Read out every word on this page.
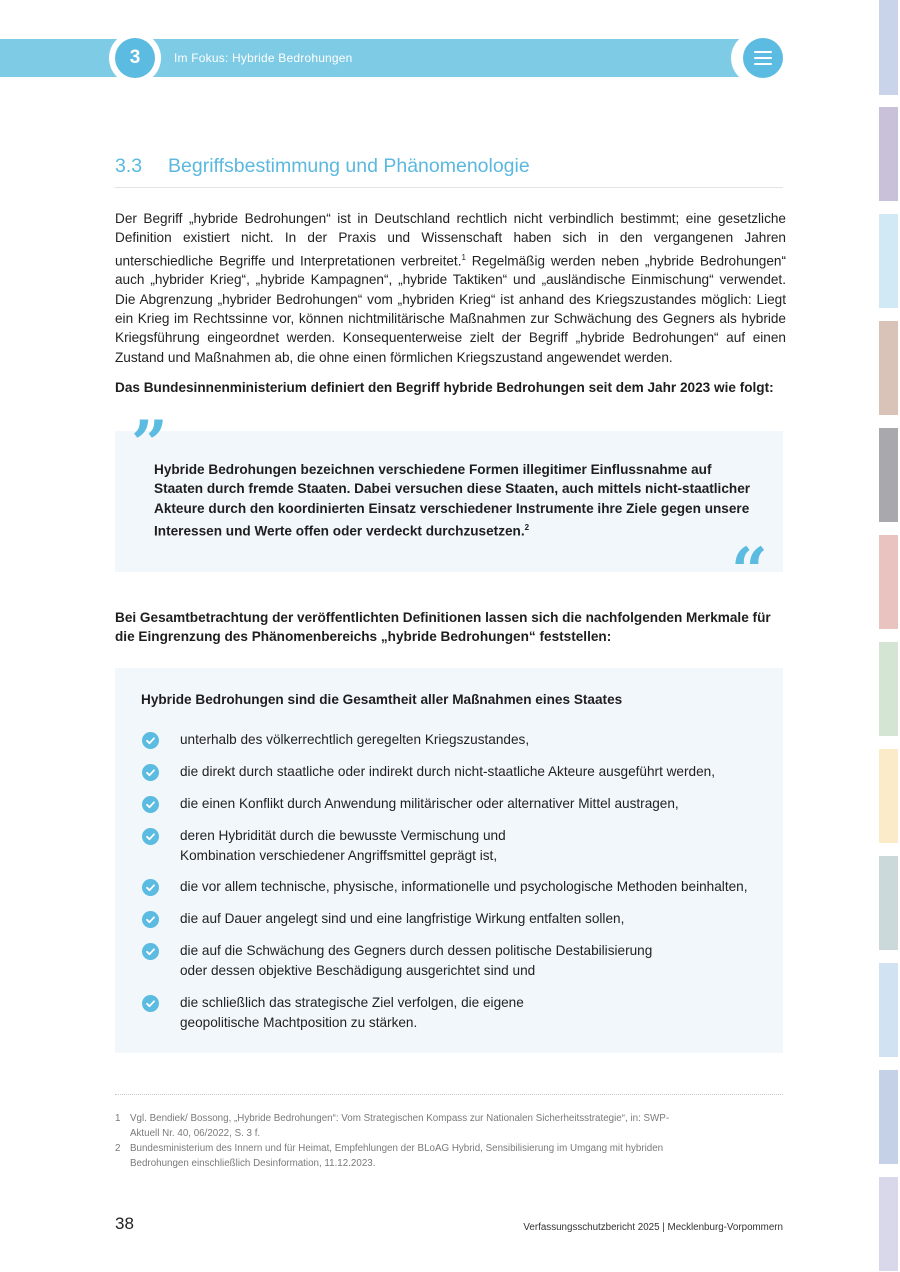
3	Im Fokus: Hybride Bedrohungen
3.3 Begriffsbestimmung und Phänomenologie
Der Begriff „hybride Bedrohungen“ ist in Deutschland rechtlich nicht verbindlich bestimmt; eine gesetzliche Definition existiert nicht. In der Praxis und Wissenschaft haben sich in den vergangenen Jahren unterschiedliche Begriffe und Interpretationen verbreitet.$^1$ Regelmäßig werden neben „hybride Bedrohungen“ auch „hybrider Krieg“, „hybride Kampagnen“, „hybride Taktiken“ und „ausländische Einmischung“ verwendet. Die Abgrenzung „hybrider Bedrohungen“ vom „hybriden Krieg“ ist anhand des Kriegszustandes möglich: Liegt ein Krieg im Rechtssinne vor, können nichtmilitärische Maßnahmen zur Schwächung des Gegners als hybride Kriegsführung eingeordnet werden. Konsequenterweise zielt der Begriff „hybride Bedrohungen“ auf einen Zustand und Maßnahmen ab, die ohne einen förmlichen Kriegszustand angewendet werden.
Das Bundesinnenministerium definiert den Begriff hybride Bedrohungen seit dem Jahr 2023 wie folgt:
”
Hybride Bedrohungen bezeichnen verschiedene Formen illegitimer Einflussnahme auf Staaten durch fremde Staaten. Dabei versuchen diese Staaten, auch mittels nicht-staatlicher Akteure durch den koordinierten Einsatz verschiedener Instrumente ihre Ziele gegen unsere Interessen und Werte offen oder verdeckt durchzusetzen.$^2$
“
Bei Gesamtbetrachtung der veröffentlichten Definitionen lassen sich die nachfolgenden Merkmale für die Eingrenzung des Phänomenbereichs „hybride Bedrohungen“ feststellen:
Hybride Bedrohungen sind die Gesamtheit aller Maßnahmen eines Staates
unterhalb des völkerrechtlich geregelten Kriegszustandes,
die direkt durch staatliche oder indirekt durch nicht-staatliche Akteure ausgeführt werden,
die einen Konflikt durch Anwendung militärischer oder alternativer Mittel austragen,
deren Hybridität durch die bewusste Vermischung und
Kombination verschiedener Angriffsmittel geprägt ist,
die vor allem technische, physische, informationelle und psychologische Methoden beinhalten,
die auf Dauer angelegt sind und eine langfristige Wirkung entfalten sollen,
die auf die Schwächung des Gegners durch dessen politische Destabilisierung
oder dessen objektive Beschädigung ausgerichtet sind und
die schließlich das strategische Ziel verfolgen, die eigene
geopolitische Machtposition zu stärken.
1 Vgl. Bendiek/ Bossong, „Hybride Bedrohungen“: Vom Strategischen Kompass zur Nationalen Sicherheitsstrategie“, in: SWP-Aktuell Nr. 40, 06/2022, S. 3 f.
2 Bundesministerium des Innern und für Heimat, Empfehlungen der BLoAG Hybrid, Sensibilisierung im Umgang mit hybriden Bedrohungen einschließlich Desinformation, 11.12.2023.
38	Verfassungsschutzbericht 2025 | Mecklenburg-Vorpommern
